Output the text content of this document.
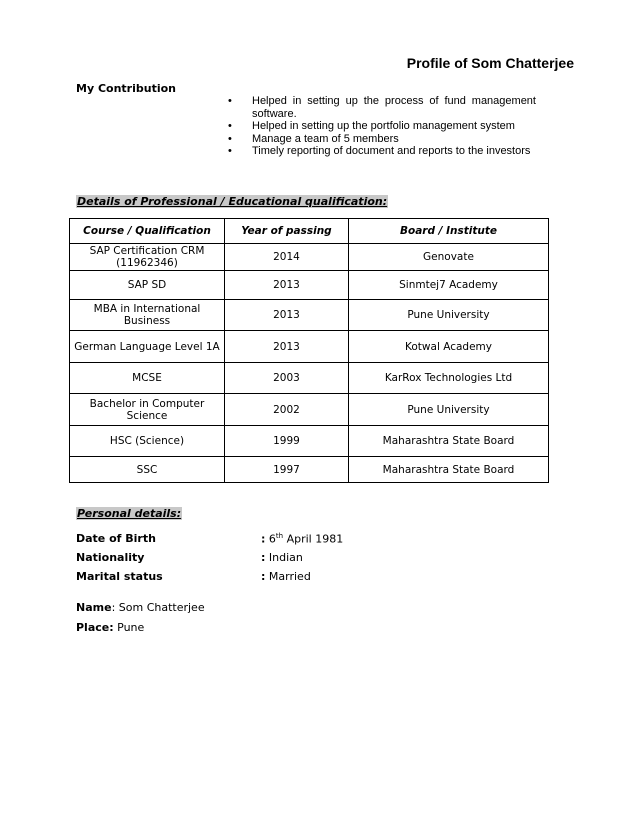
Profile of Som Chatterjee
My Contribution
• Helped in setting up the process of fund management software.
• Helped in setting up the portfolio management system
• Manage a team of 5 members
• Timely reporting of document and reports to the investors
Details of Professional / Educational qualification:
Course / Qualification	Year of passing	Board / Institute
SAP Certification CRM (11962346)	2014	Genovate
SAP SD	2013	Sinmtej7 Academy
MBA in International Business	2013	Pune University
German Language Level 1A	2013	Kotwal Academy
MCSE	2003	KarRox Technologies Ltd
Bachelor in Computer Science	2002	Pune University
HSC (Science)	1999	Maharashtra State Board
SSC	1997	Maharashtra State Board
Personal details:
Date of Birth	: 6th April 1981
Nationality	: Indian
Marital status	: Married
Name: Som Chatterjee
Place: Pune
